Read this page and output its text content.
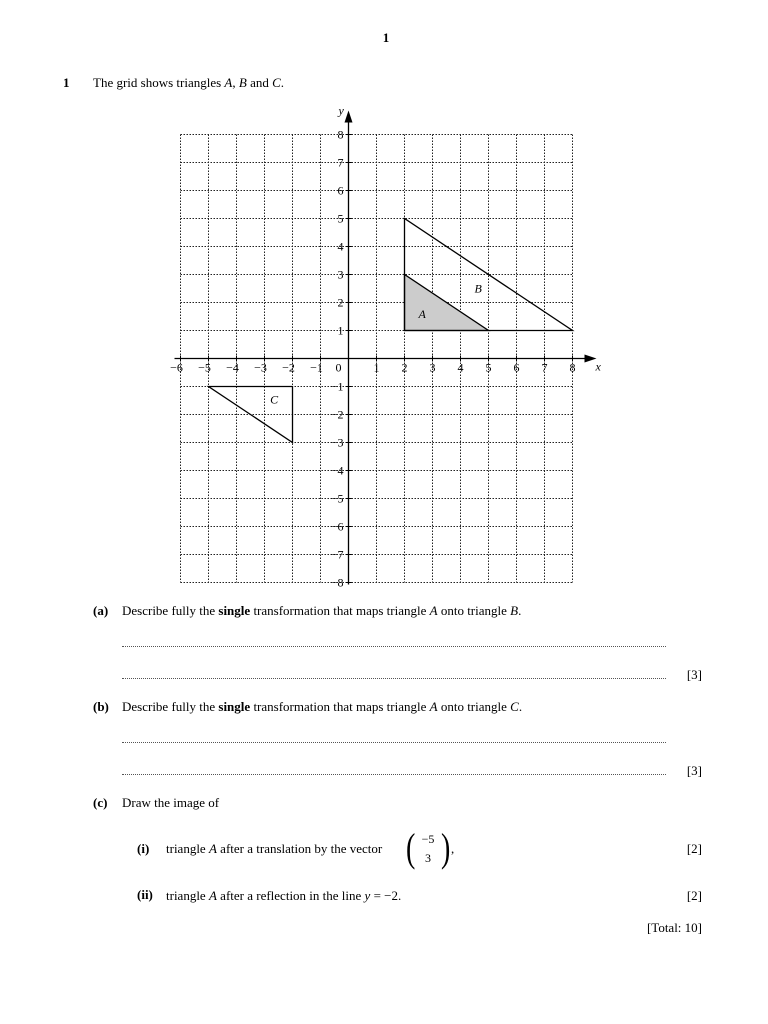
1
1 The grid shows triangles A, B and C.
−6 −5 −4 −3 −2 −1	1 2 3 4 5 6 7 8
−8
−7
−6
−5
−4
−3
−2
−1
1
2
3
4
5
6
7
8
0	x
y
A
B
C
(a) Describe fully the single transformation that maps triangle A onto triangle B.
[3]
(b) Describe fully the single transformation that maps triangle A onto triangle C.
[3]
(c) Draw the image of
(i) triangle A after a translation by the vector ( −5
3 ) ,	[2]
(ii) triangle A after a reflection in the line y = −2.	[2]
[Total: 10]
